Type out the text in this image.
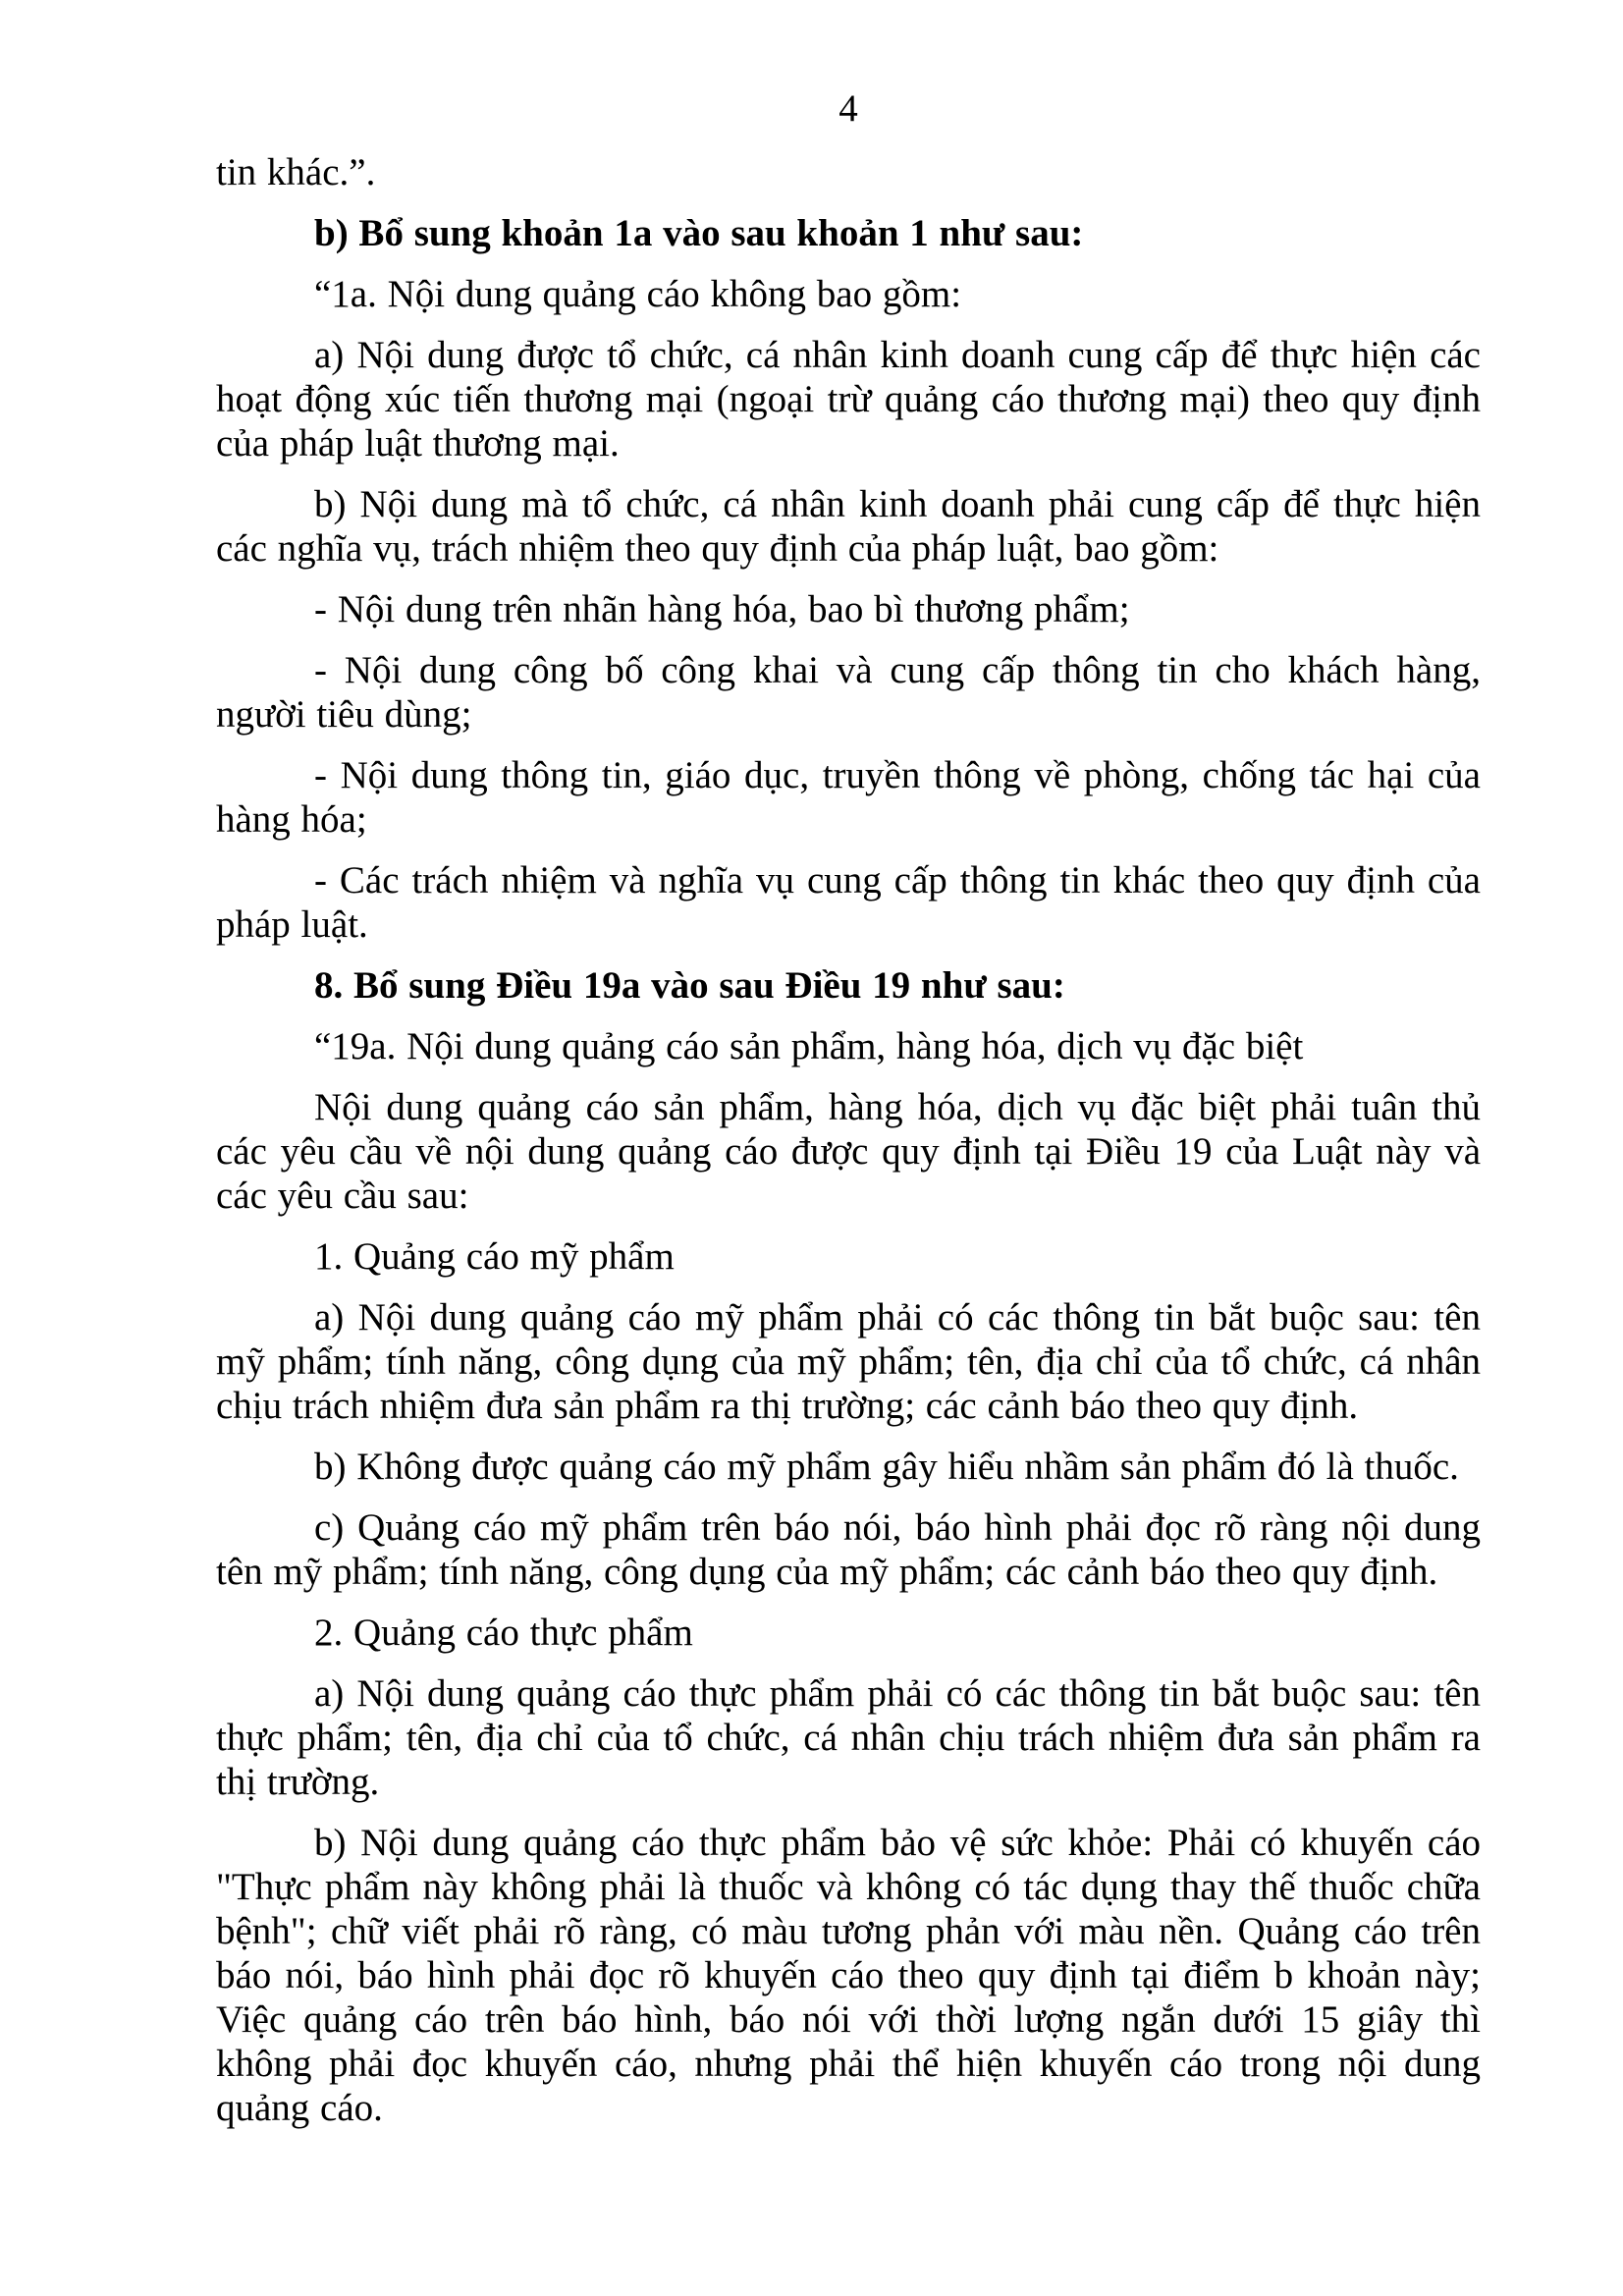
4

tin khác.”.

b) Bổ sung khoản 1a vào sau khoản 1 như sau:

“1a. Nội dung quảng cáo không bao gồm:

a) Nội dung được tổ chức, cá nhân kinh doanh cung cấp để thực hiện các hoạt động xúc tiến thương mại (ngoại trừ quảng cáo thương mại) theo quy định của pháp luật thương mại.

b) Nội dung mà tổ chức, cá nhân kinh doanh phải cung cấp để thực hiện các nghĩa vụ, trách nhiệm theo quy định của pháp luật, bao gồm:

- Nội dung trên nhãn hàng hóa, bao bì thương phẩm;

- Nội dung công bố công khai và cung cấp thông tin cho khách hàng, người tiêu dùng;

- Nội dung thông tin, giáo dục, truyền thông về phòng, chống tác hại của hàng hóa;

- Các trách nhiệm và nghĩa vụ cung cấp thông tin khác theo quy định của pháp luật.

8. Bổ sung Điều 19a vào sau Điều 19 như sau:

“19a. Nội dung quảng cáo sản phẩm, hàng hóa, dịch vụ đặc biệt

Nội dung quảng cáo sản phẩm, hàng hóa, dịch vụ đặc biệt phải tuân thủ các yêu cầu về nội dung quảng cáo được quy định tại Điều 19 của Luật này và các yêu cầu sau:

1. Quảng cáo mỹ phẩm

a) Nội dung quảng cáo mỹ phẩm phải có các thông tin bắt buộc sau: tên mỹ phẩm; tính năng, công dụng của mỹ phẩm; tên, địa chỉ của tổ chức, cá nhân chịu trách nhiệm đưa sản phẩm ra thị trường; các cảnh báo theo quy định.

b) Không được quảng cáo mỹ phẩm gây hiểu nhầm sản phẩm đó là thuốc.

c) Quảng cáo mỹ phẩm trên báo nói, báo hình phải đọc rõ ràng nội dung tên mỹ phẩm; tính năng, công dụng của mỹ phẩm; các cảnh báo theo quy định.

2. Quảng cáo thực phẩm

a) Nội dung quảng cáo thực phẩm phải có các thông tin bắt buộc sau: tên thực phẩm; tên, địa chỉ của tổ chức, cá nhân chịu trách nhiệm đưa sản phẩm ra thị trường.

b) Nội dung quảng cáo thực phẩm bảo vệ sức khỏe: Phải có khuyến cáo "Thực phẩm này không phải là thuốc và không có tác dụng thay thế thuốc chữa bệnh"; chữ viết phải rõ ràng, có màu tương phản với màu nền. Quảng cáo trên báo nói, báo hình phải đọc rõ khuyến cáo theo quy định tại điểm b khoản này; Việc quảng cáo trên báo hình, báo nói với thời lượng ngắn dưới 15 giây thì không phải đọc khuyến cáo, nhưng phải thể hiện khuyến cáo trong nội dung quảng cáo.
